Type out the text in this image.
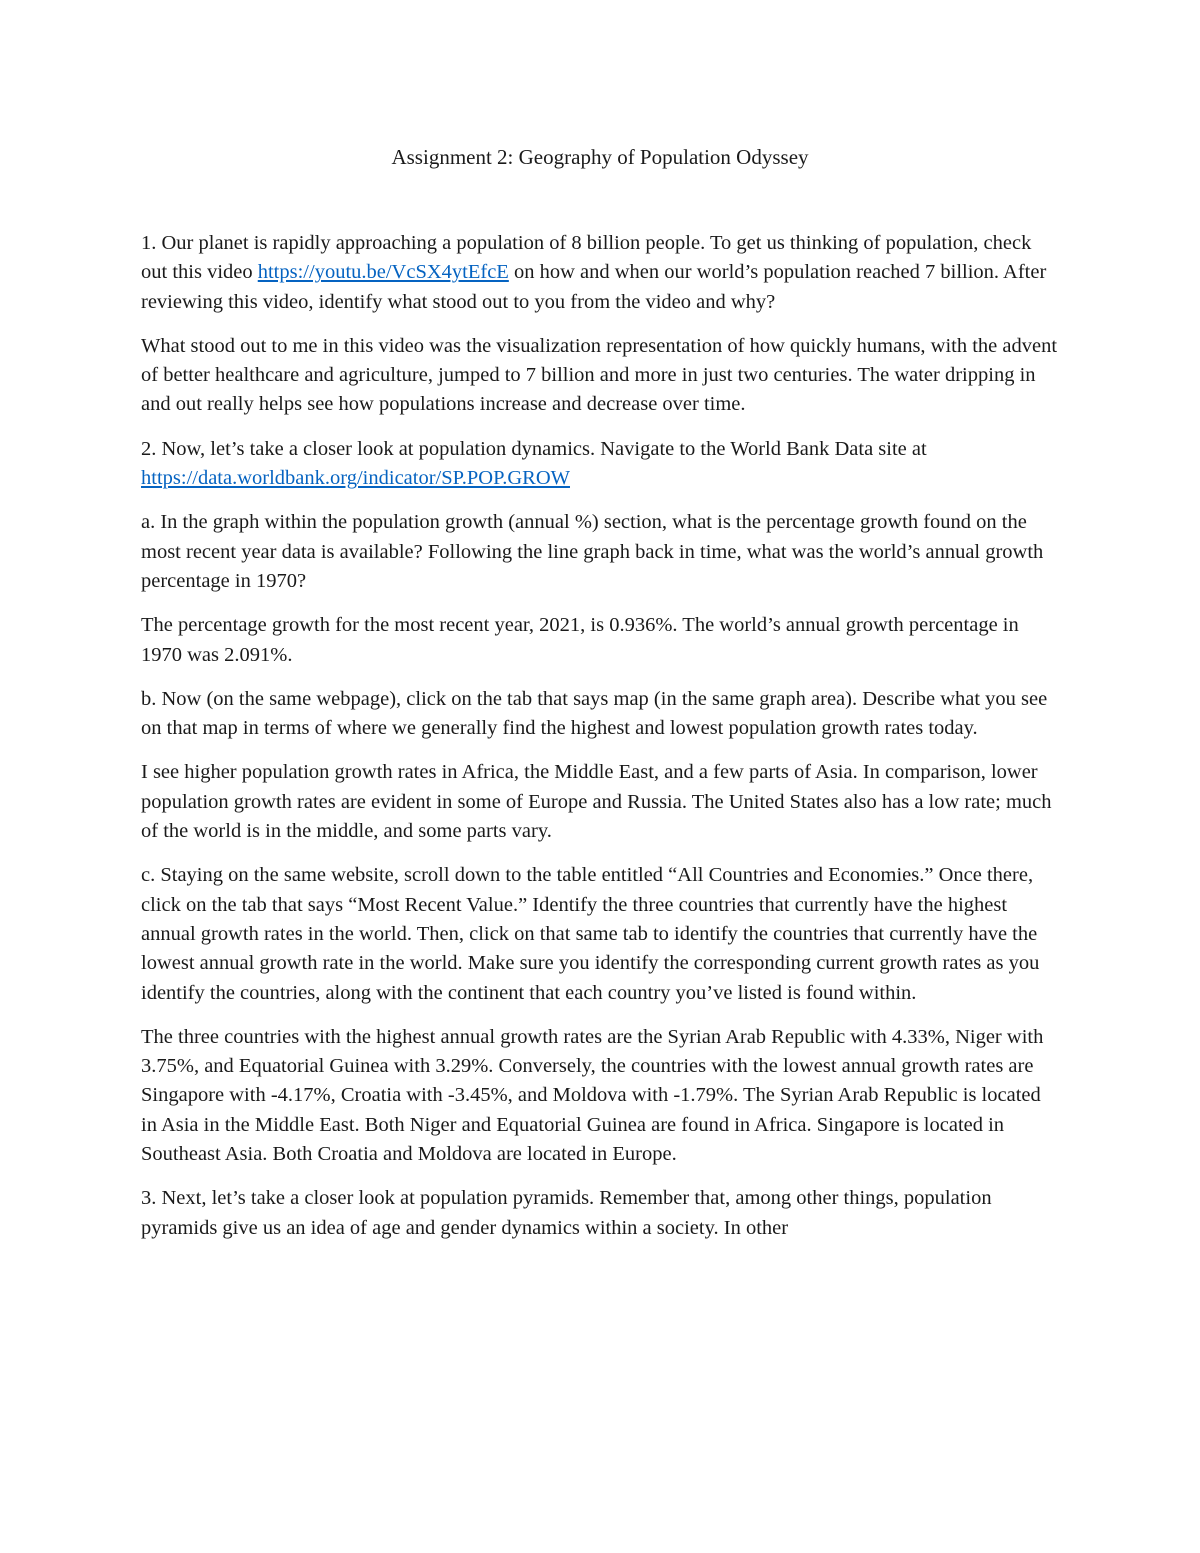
Assignment 2: Geography of Population Odyssey

1. Our planet is rapidly approaching a population of 8 billion people. To get us thinking of population, check out this video https://youtu.be/VcSX4ytEfcE on how and when our world’s population reached 7 billion. After reviewing this video, identify what stood out to you from the video and why?

What stood out to me in this video was the visualization representation of how quickly humans, with the advent of better healthcare and agriculture, jumped to 7 billion and more in just two centuries. The water dripping in and out really helps see how populations increase and decrease over time.

2. Now, let’s take a closer look at population dynamics. Navigate to the World Bank Data site at https://data.worldbank.org/indicator/SP.POP.GROW

a. In the graph within the population growth (annual %) section, what is the percentage growth found on the most recent year data is available? Following the line graph back in time, what was the world’s annual growth percentage in 1970?

The percentage growth for the most recent year, 2021, is 0.936%. The world’s annual growth percentage in 1970 was 2.091%.

b. Now (on the same webpage), click on the tab that says map (in the same graph area). Describe what you see on that map in terms of where we generally find the highest and lowest population growth rates today.

I see higher population growth rates in Africa, the Middle East, and a few parts of Asia. In comparison, lower population growth rates are evident in some of Europe and Russia. The United States also has a low rate; much of the world is in the middle, and some parts vary.

c. Staying on the same website, scroll down to the table entitled “All Countries and Economies.” Once there, click on the tab that says “Most Recent Value.” Identify the three countries that currently have the highest annual growth rates in the world. Then, click on that same tab to identify the countries that currently have the lowest annual growth rate in the world. Make sure you identify the corresponding current growth rates as you identify the countries, along with the continent that each country you’ve listed is found within.

The three countries with the highest annual growth rates are the Syrian Arab Republic with 4.33%, Niger with 3.75%, and Equatorial Guinea with 3.29%. Conversely, the countries with the lowest annual growth rates are Singapore with -4.17%, Croatia with -3.45%, and Moldova with -1.79%. The Syrian Arab Republic is located in Asia in the Middle East. Both Niger and Equatorial Guinea are found in Africa. Singapore is located in Southeast Asia. Both Croatia and Moldova are located in Europe.

3. Next, let’s take a closer look at population pyramids. Remember that, among other things, population pyramids give us an idea of age and gender dynamics within a society. In other
